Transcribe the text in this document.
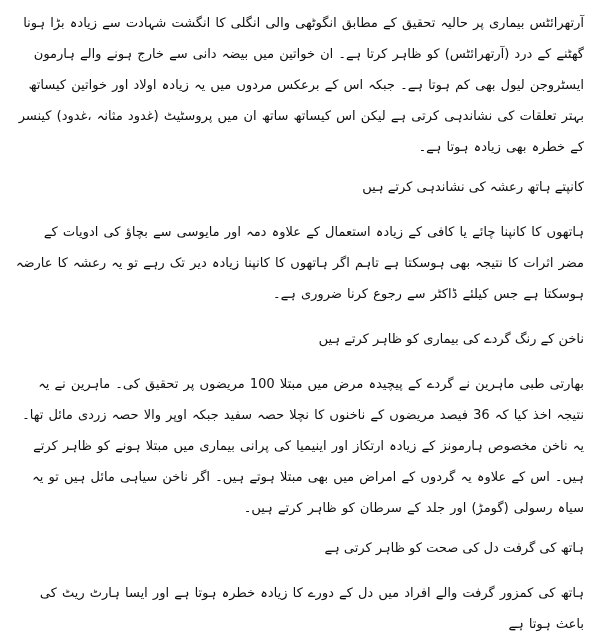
آرتھرائٹس بیماری پر حالیہ تحقیق کے مطابق انگوٹھی والی انگلی کا انگشت شہادت سے زیادہ بڑا ہونا گھٹنے کے درد (آرتھرائٹس) کو ظاہر کرتا ہے۔ ان خواتین میں بیضہ دانی سے خارج ہونے والے ہارمون ایسٹروجن لیول بھی کم ہوتا ہے۔ جبکہ اس کے برعکس مردوں میں یہ زیادہ اولاد اور خواتین کیساتھ بہتر تعلقات کی نشاندہی کرتی ہے لیکن اس کیساتھ ساتھ ان میں پروسٹیٹ (غدود مثانہ ،غدود) کینسر کے خطرہ بھی زیادہ ہوتا ہے۔

کانپتے ہاتھ رعشہ کی نشاندہی کرتے ہیں

ہاتھوں کا کانپنا چائے یا کافی کے زیادہ استعمال کے علاوہ دمہ اور مایوسی سے بچاؤ کی ادویات کے مضر اثرات کا نتیجہ بھی ہوسکتا ہے تاہم اگر ہاتھوں کا کانپنا زیادہ دیر تک رہے تو یہ رعشہ کا عارضہ ہوسکتا ہے جس کیلئے ڈاکٹر سے رجوع کرنا ضروری ہے۔

ناخن کے رنگ گردے کی بیماری کو ظاہر کرتے ہیں

بھارتی طبی ماہرین نے گردے کے پیچیدہ مرض میں مبتلا 100 مریضوں پر تحقیق کی۔ ماہرین نے یہ نتیجہ اخذ کیا کہ 36 فیصد مریضوں کے ناخنوں کا نچلا حصہ سفید جبکہ اوپر والا حصہ زردی مائل تھا۔ یہ ناخن مخصوص ہارمونز کے زیادہ ارتکاز اور اینیمیا کی پرانی بیماری میں مبتلا ہونے کو ظاہر کرتے ہیں۔ اس کے علاوہ یہ گردوں کے امراض میں بھی مبتلا ہوتے ہیں۔ اگر ناخن سیاہی مائل ہیں تو یہ سیاہ رسولی (گومڑ) اور جلد کے سرطان کو ظاہر کرتے ہیں۔

ہاتھ کی گرفت دل کی صحت کو ظاہر کرتی ہے

ہاتھ کی کمزور گرفت والے افراد میں دل کے دورے کا زیادہ خطرہ ہوتا ہے اور ایسا ہارٹ ریٹ کی باعث ہوتا ہے
